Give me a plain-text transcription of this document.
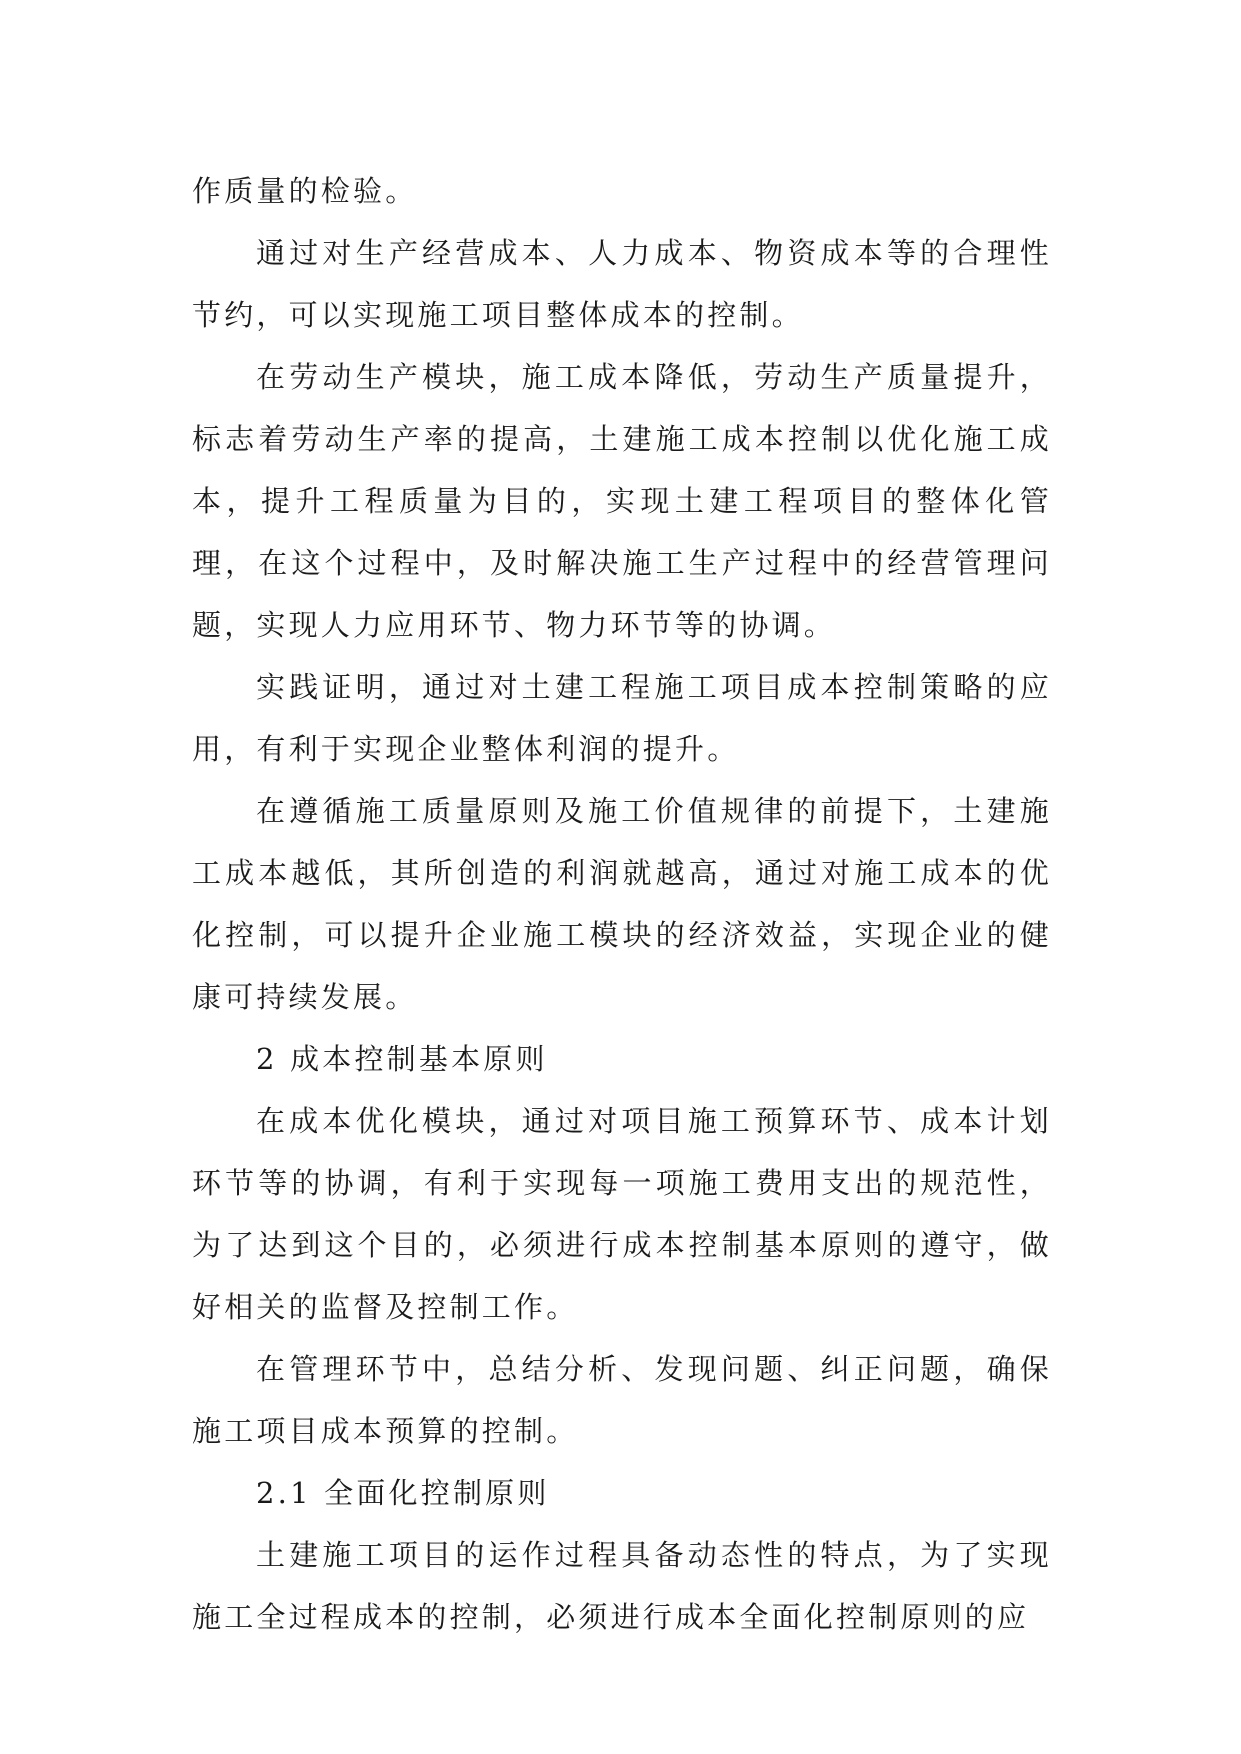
作质量的检验。

通过对生产经营成本、人力成本、物资成本等的合理性节约，可以实现施工项目整体成本的控制。

在劳动生产模块，施工成本降低，劳动生产质量提升，标志着劳动生产率的提高，土建施工成本控制以优化施工成本，提升工程质量为目的，实现土建工程项目的整体化管理，在这个过程中，及时解决施工生产过程中的经营管理问题，实现人力应用环节、物力环节等的协调。

实践证明，通过对土建工程施工项目成本控制策略的应用，有利于实现企业整体利润的提升。

在遵循施工质量原则及施工价值规律的前提下，土建施工成本越低，其所创造的利润就越高，通过对施工成本的优化控制，可以提升企业施工模块的经济效益，实现企业的健康可持续发展。

2 成本控制基本原则

在成本优化模块，通过对项目施工预算环节、成本计划环节等的协调，有利于实现每一项施工费用支出的规范性，为了达到这个目的，必须进行成本控制基本原则的遵守，做好相关的监督及控制工作。

在管理环节中，总结分析、发现问题、纠正问题，确保施工项目成本预算的控制。

2.1 全面化控制原则

土建施工项目的运作过程具备动态性的特点，为了实现施工全过程成本的控制，必须进行成本全面化控制原则的应
